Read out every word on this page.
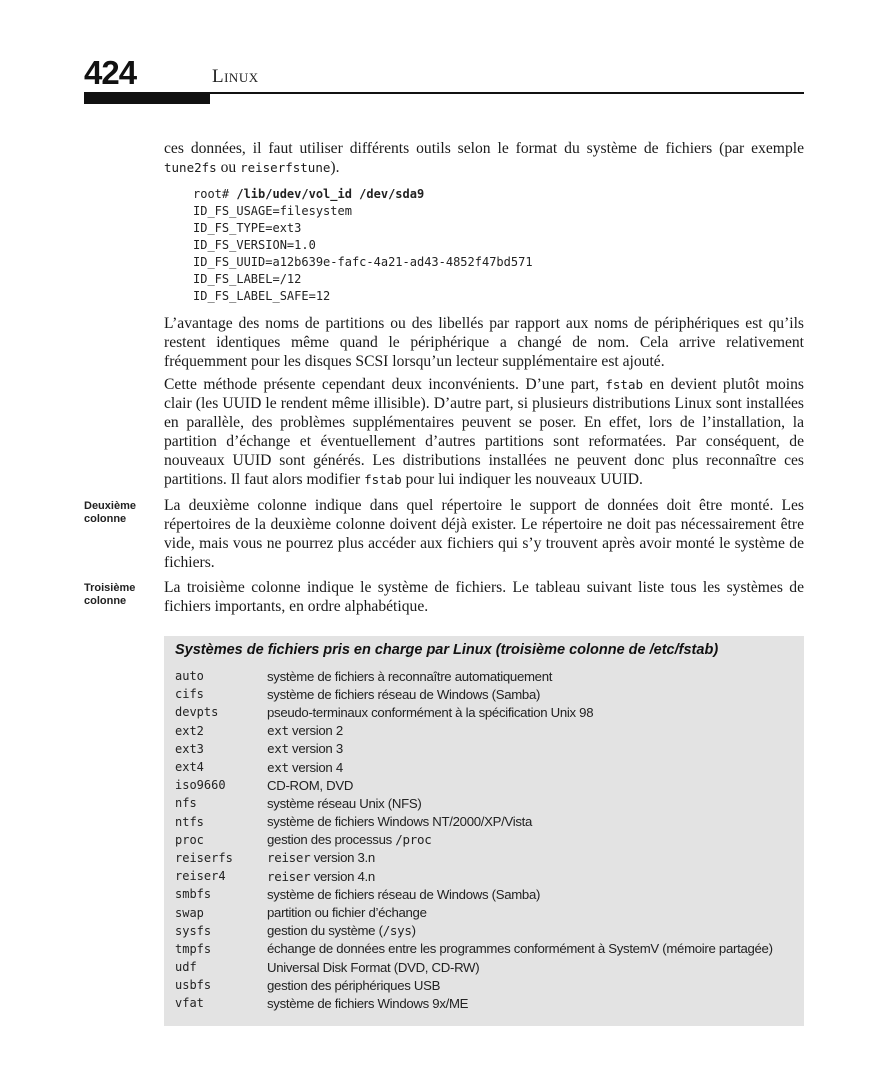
424	Linux

ces données, il faut utiliser différents outils selon le format du système de fichiers (par exemple tune2fs ou reiserfstune).

root# /lib/udev/vol_id /dev/sda9
ID_FS_USAGE=filesystem
ID_FS_TYPE=ext3
ID_FS_VERSION=1.0
ID_FS_UUID=a12b639e-fafc-4a21-ad43-4852f47bd571
ID_FS_LABEL=/12
ID_FS_LABEL_SAFE=12

L’avantage des noms de partitions ou des libellés par rapport aux noms de périphériques est qu’ils restent identiques même quand le périphérique a changé de nom. Cela arrive relativement fréquemment pour les disques SCSI lorsqu’un lecteur supplémentaire est ajouté.

Cette méthode présente cependant deux inconvénients. D’une part, fstab en devient plutôt moins clair (les UUID le rendent même illisible). D’autre part, si plusieurs distributions Linux sont installées en parallèle, des problèmes supplémentaires peuvent se poser. En effet, lors de l’installation, la partition d’échange et éventuellement d’autres partitions sont reformatées. Par conséquent, de nouveaux UUID sont générés. Les distributions installées ne peuvent donc plus reconnaître ces partitions. Il faut alors modifier fstab pour lui indiquer les nouveaux UUID.

Deuxième colonne

La deuxième colonne indique dans quel répertoire le support de données doit être monté. Les répertoires de la deuxième colonne doivent déjà exister. Le répertoire ne doit pas nécessairement être vide, mais vous ne pourrez plus accéder aux fichiers qui s’y trouvent après avoir monté le système de fichiers.

Troisième colonne

La troisième colonne indique le système de fichiers. Le tableau suivant liste tous les systèmes de fichiers importants, en ordre alphabétique.

Systèmes de fichiers pris en charge par Linux (troisième colonne de /etc/fstab)
auto	système de fichiers à reconnaître automatiquement
cifs	système de fichiers réseau de Windows (Samba)
devpts	pseudo-terminaux conformément à la spécification Unix 98
ext2	ext version 2
ext3	ext version 3
ext4	ext version 4
iso9660	CD-ROM, DVD
nfs	système réseau Unix (NFS)
ntfs	système de fichiers Windows NT/2000/XP/Vista
proc	gestion des processus /proc
reiserfs	reiser version 3.n
reiser4	reiser version 4.n
smbfs	système de fichiers réseau de Windows (Samba)
swap	partition ou fichier d’échange
sysfs	gestion du système (/sys)
tmpfs	échange de données entre les programmes conformément à SystemV (mémoire partagée)
udf	Universal Disk Format (DVD, CD-RW)
usbfs	gestion des périphériques USB
vfat	système de fichiers Windows 9x/ME
